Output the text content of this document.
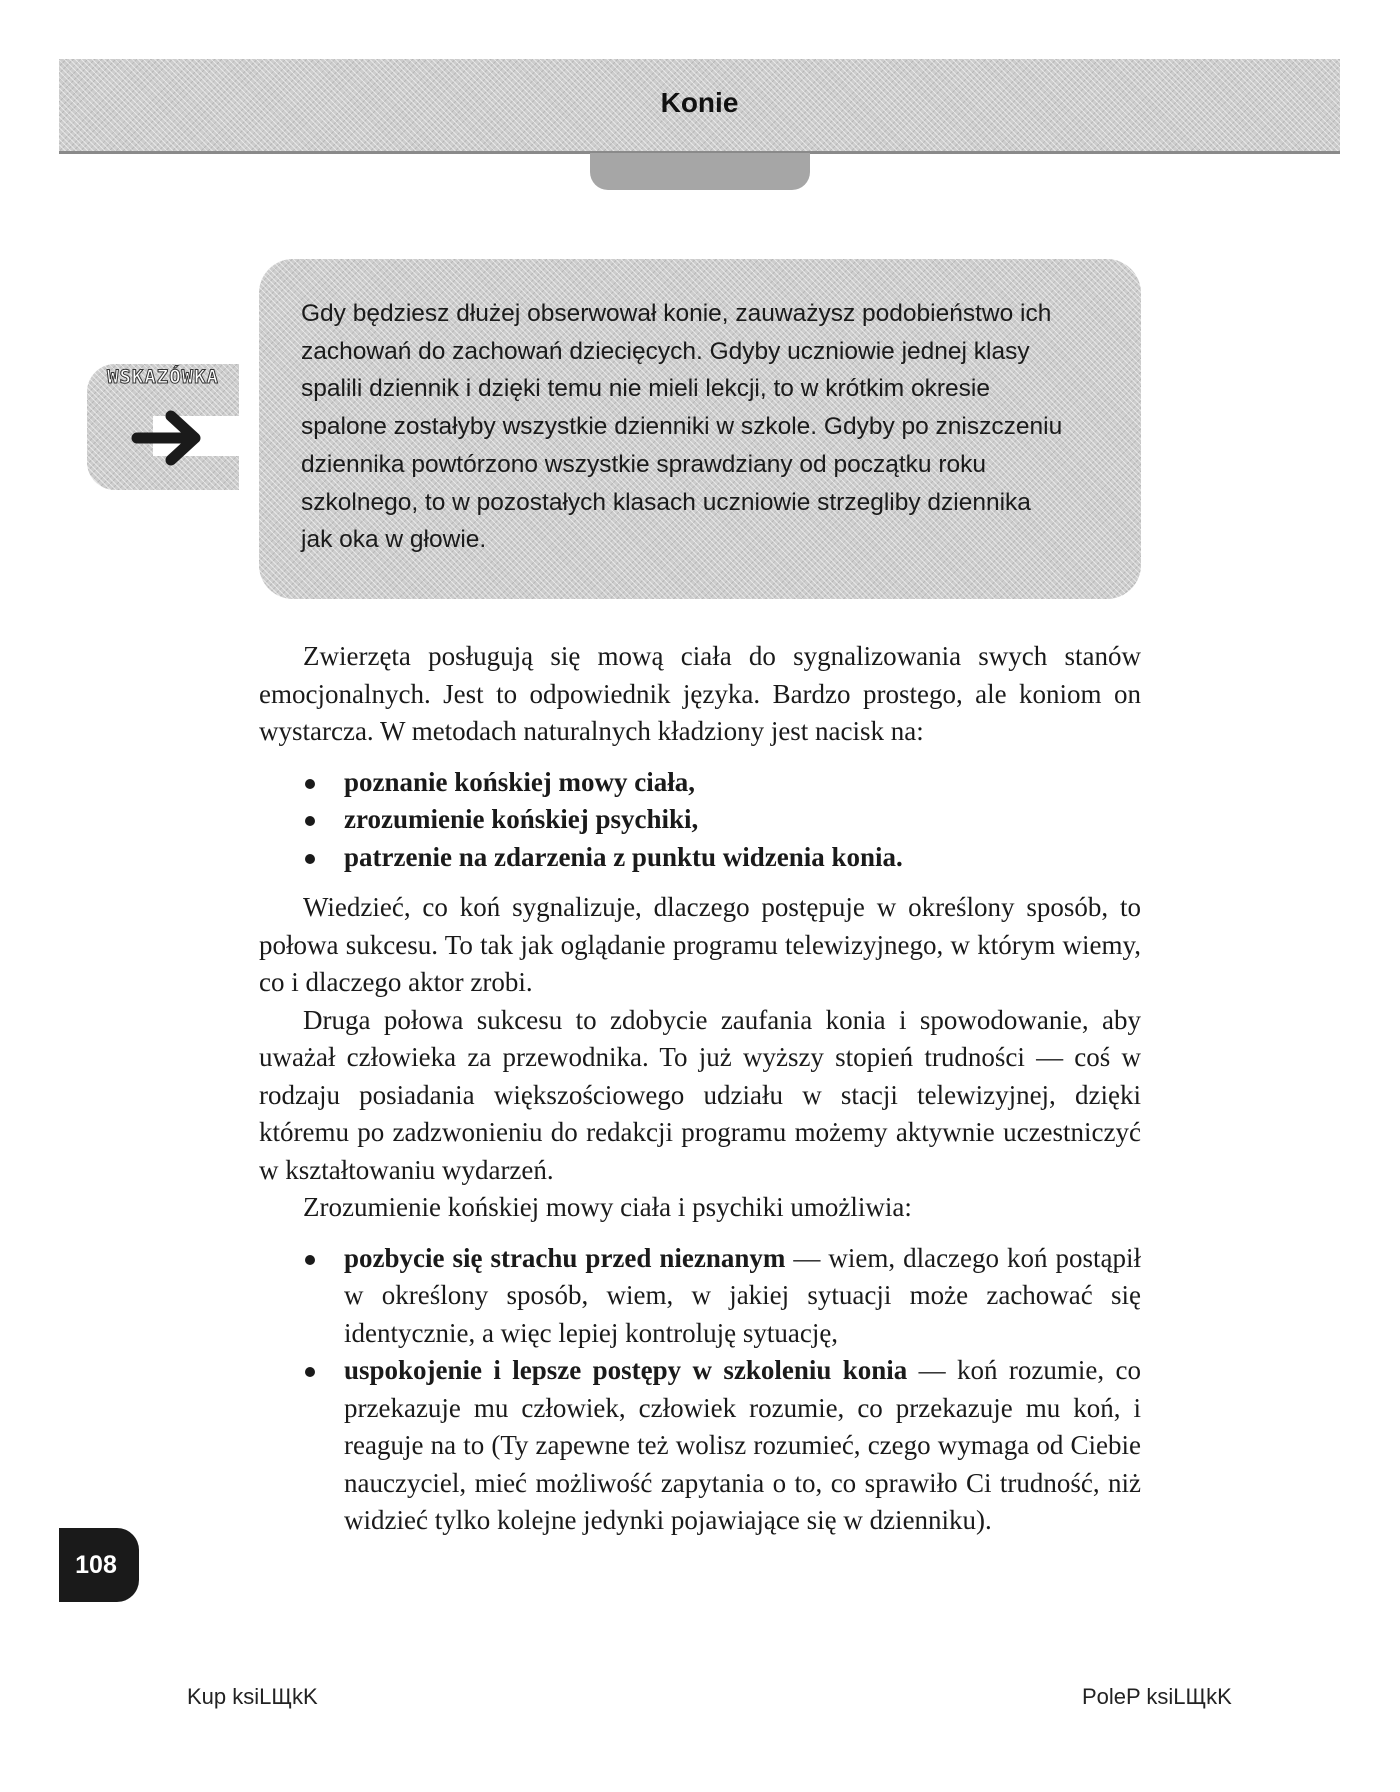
Konie
WSKAZÓWKA

Gdy będziesz dłużej obserwował konie, zauważysz podobieństwo ich
zachowań do zachowań dziecięcych. Gdyby uczniowie jednej klasy
spalili dziennik i dzięki temu nie mieli lekcji, to w krótkim okresie
spalone zostałyby wszystkie dzienniki w szkole. Gdyby po zniszczeniu
dziennika powtórzono wszystkie sprawdziany od początku roku
szkolnego, to w pozostałych klasach uczniowie strzegliby dziennika
jak oka w głowie.

Zwierzęta posługują się mową ciała do sygnalizowania swych stanów emocjonalnych. Jest to odpowiednik języka. Bardzo prostego, ale koniom on wystarcza. W metodach naturalnych kładziony jest nacisk na:

poznanie końskiej mowy ciała,
zrozumienie końskiej psychiki,
patrzenie na zdarzenia z punktu widzenia konia.

Wiedzieć, co koń sygnalizuje, dlaczego postępuje w określony sposób, to połowa sukcesu. To tak jak oglądanie programu telewizyjnego, w którym wiemy, co i dlaczego aktor zrobi.

Druga połowa sukcesu to zdobycie zaufania konia i spowodowanie, aby uważał człowieka za przewodnika. To już wyższy stopień trudności — coś w rodzaju posiadania większościowego udziału w stacji telewizyjnej, dzięki któremu po zadzwonieniu do redakcji programu możemy aktywnie uczestniczyć w kształtowaniu wydarzeń.

Zrozumienie końskiej mowy ciała i psychiki umożliwia:

pozbycie się strachu przed nieznanym — wiem, dlaczego koń postąpił w określony sposób, wiem, w jakiej sytuacji może zachować się identycznie, a więc lepiej kontroluję sytuację,
uspokojenie i lepsze postępy w szkoleniu konia — koń rozumie, co przekazuje mu człowiek, człowiek rozumie, co przekazuje mu koń, i reaguje na to (Ty zapewne też wolisz rozumieć, czego wymaga od Ciebie nauczyciel, mieć możliwość zapytania o to, co sprawiło Ci trudność, niż widzieć tylko kolejne jedynki pojawiające się w dzienniku).
108
Kup ksiLЩkK	PoleP ksiLЩkK
